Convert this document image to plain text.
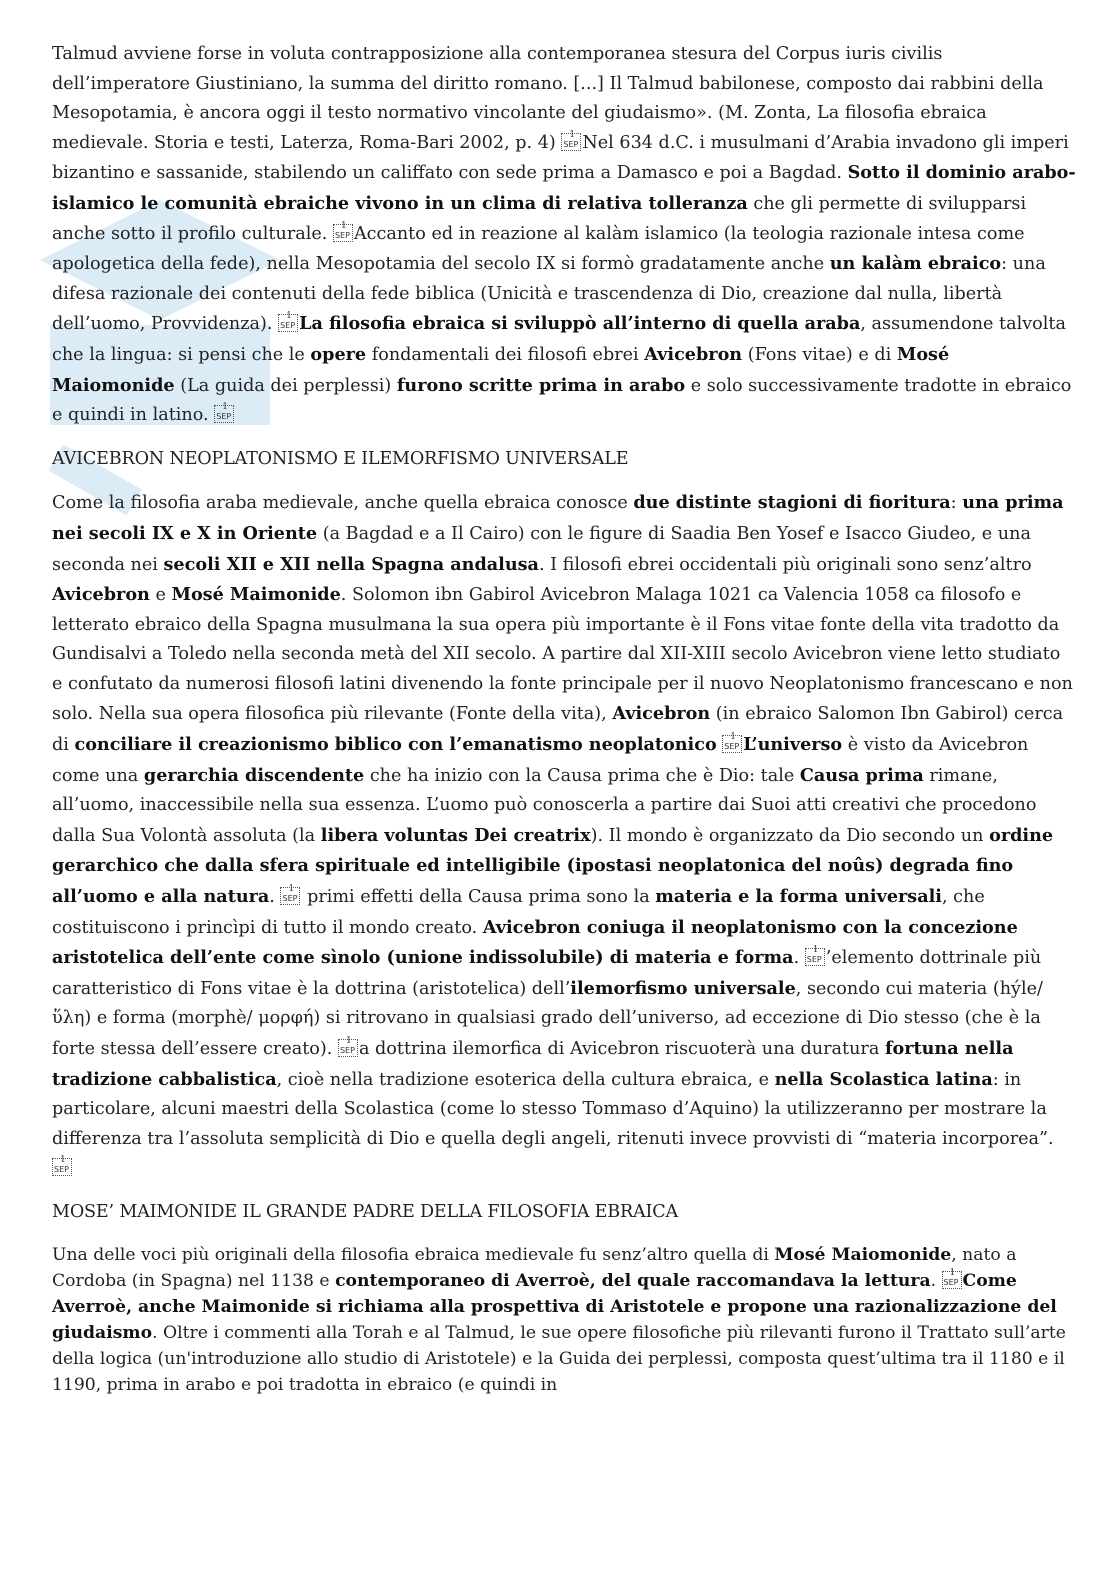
Talmud avviene forse in voluta contrapposizione alla contemporanea stesura del Corpus iuris civilis dell’imperatore Giustiniano, la summa del diritto romano. [...] Il Talmud babilonese, composto dai rabbini della Mesopotamia, è ancora oggi il testo normativo vincolante del giudaismo». (M. Zonta, La filosofia ebraica medievale. Storia e testi, Laterza, Roma-Bari 2002, p. 4) 1 SEPNel 634 d.C. i musulmani d’Arabia invadono gli imperi bizantino e sassanide, stabilendo un califfato con sede prima a Damasco e poi a Bagdad. Sotto il dominio arabo-islamico le comunità ebraiche vivono in un clima di relativa tolleranza che gli permette di svilupparsi anche sotto il profilo culturale. 1 SEPAccanto ed in reazione al kalàm islamico (la teologia razionale intesa come apologetica della fede), nella Mesopotamia del secolo IX si formò gradatamente anche un kalàm ebraico: una difesa razionale dei contenuti della fede biblica (Unicità e trascendenza di Dio, creazione dal nulla, libertà dell’uomo, Provvidenza). 1 SEPLa filosofia ebraica si sviluppò all’interno di quella araba, assumendone talvolta che la lingua: si pensi che le opere fondamentali dei filosofi ebrei Avicebron (Fons vitae) e di Mosé Maiomonide (La guida dei perplessi) furono scritte prima in arabo e solo successivamente tradotte in ebraico e quindi in latino. 1 SEP

AVICEBRON NEOPLATONISMO E ILEMORFISMO UNIVERSALE

Come la filosofia araba medievale, anche quella ebraica conosce due distinte stagioni di fioritura: una prima nei secoli IX e X in Oriente (a Bagdad e a Il Cairo) con le figure di Saadia Ben Yosef e Isacco Giudeo, e una seconda nei secoli XII e XII nella Spagna andalusa. I filosofi ebrei occidentali più originali sono senz’altro Avicebron e Mosé Maimonide. Solomon ibn Gabirol Avicebron Malaga 1021 ca Valencia 1058 ca filosofo e letterato ebraico della Spagna musulmana la sua opera più importante è il Fons vitae fonte della vita tradotto da Gundisalvi a Toledo nella seconda metà del XII secolo. A partire dal XII-XIII secolo Avicebron viene letto studiato e confutato da numerosi filosofi latini divenendo la fonte principale per il nuovo Neoplatonismo francescano e non solo. Nella sua opera filosofica più rilevante (Fonte della vita), Avicebron (in ebraico Salomon Ibn Gabirol) cerca di conciliare il creazionismo biblico con l’emanatismo neoplatonico 1 SEP L’universo è visto da Avicebron come una gerarchia discendente che ha inizio con la Causa prima che è Dio: tale Causa prima rimane, all’uomo, inaccessibile nella sua essenza. L’uomo può conoscerla a partire dai Suoi atti creativi che procedono dalla Sua Volontà assoluta (la libera voluntas Dei creatrix). Il mondo è organizzato da Dio secondo un ordine gerarchico che dalla sfera spirituale ed intelligibile (ipostasi neoplatonica del noûs) degrada fino all’uomo e alla natura. 1 SEP primi effetti della Causa prima sono la materia e la forma universali, che costituiscono i princìpi di tutto il mondo creato. Avicebron coniuga il neoplatonismo con la concezione aristotelica dell’ente come sìnolo (unione indissolubile) di materia e forma. 1 SEP’elemento dottrinale più caratteristico di Fons vitae è la dottrina (aristotelica) dell’ilemorfismo universale, secondo cui materia (hýle/ ὕλη) e forma (morphè/ μορφή) si ritrovano in qualsiasi grado dell’universo, ad eccezione di Dio stesso (che è la forte stessa dell’essere creato). 1 SEPa dottrina ilemorfica di Avicebron riscuoterà una duratura fortuna nella tradizione cabbalistica, cioè nella tradizione esoterica della cultura ebraica, e nella Scolastica latina: in particolare, alcuni maestri della Scolastica (come lo stesso Tommaso d’Aquino) la utilizzeranno per mostrare la differenza tra l’assoluta semplicità di Dio e quella degli angeli, ritenuti invece provvisti di “materia incorporea”. 1 SEP

MOSE’ MAIMONIDE IL GRANDE PADRE DELLA FILOSOFIA EBRAICA

Una delle voci più originali della filosofia ebraica medievale fu senz’altro quella di Mosé Maiomonide, nato a Cordoba (in Spagna) nel 1138 e contemporaneo di Averroè, del quale raccomandava la lettura. 1 SEPCome Averroè, anche Maimonide si richiama alla prospettiva di Aristotele e propone una razionalizzazione del giudaismo. Oltre i commenti alla Torah e al Talmud, le sue opere filosofiche più rilevanti furono il Trattato sull’arte della logica (un'introduzione allo studio di Aristotele) e la Guida dei perplessi, composta quest’ultima tra il 1180 e il 1190, prima in arabo e poi tradotta in ebraico (e quindi in
